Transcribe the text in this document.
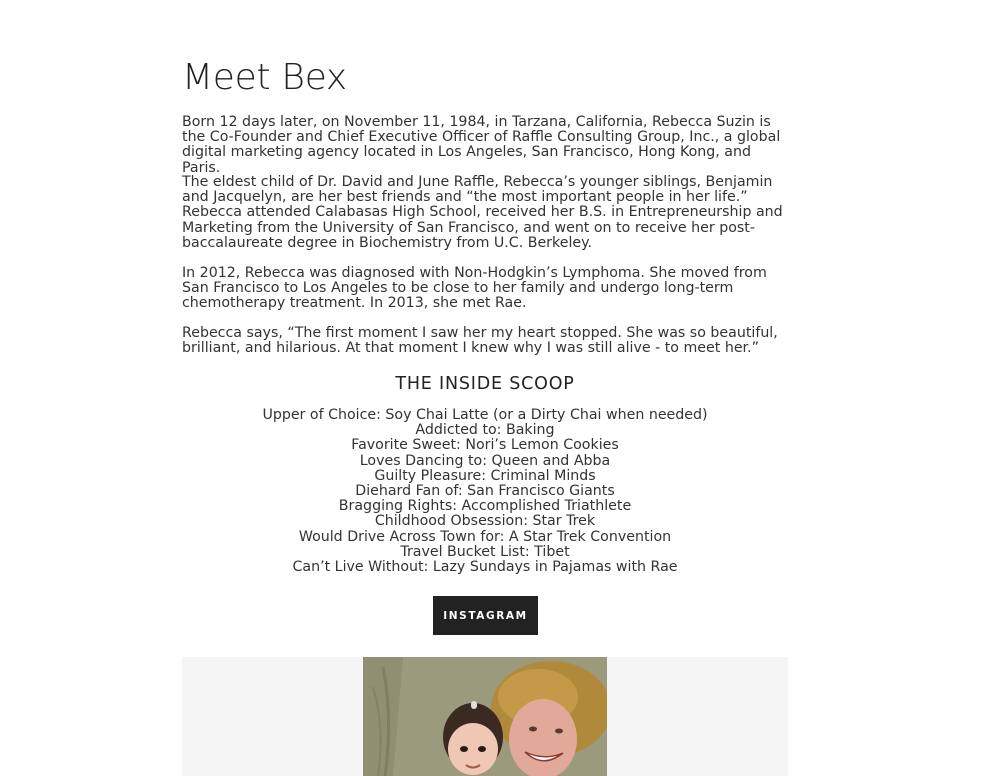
Meet Bex

Born 12 days later, on November 11, 1984, in Tarzana, California, Rebecca Suzin is the Co-Founder and Chief Executive Officer of Raffle Consulting Group, Inc., a global digital marketing agency located in Los Angeles, San Francisco, Hong Kong, and Paris.

The eldest child of Dr. David and June Raffle, Rebecca’s younger siblings, Benjamin and Jacquelyn, are her best friends and “the most important people in her life.” Rebecca attended Calabasas High School, received her B.S. in Entrepreneurship and Marketing from the University of San Francisco, and went on to receive her post-baccalaureate degree in Biochemistry from U.C. Berkeley.

In 2012, Rebecca was diagnosed with Non-Hodgkin’s Lymphoma. She moved from San Francisco to Los Angeles to be close to her family and undergo long-term chemotherapy treatment. In 2013, she met Rae.

Rebecca says, “The first moment I saw her my heart stopped. She was so beautiful, brilliant, and hilarious. At that moment I knew why I was still alive - to meet her.”

THE INSIDE SCOOP
Upper of Choice: Soy Chai Latte (or a Dirty Chai when needed)
Addicted to: Baking
Favorite Sweet: Nori’s Lemon Cookies
Loves Dancing to: Queen and Abba
Guilty Pleasure: Criminal Minds
Diehard Fan of: San Francisco Giants
Bragging Rights: Accomplished Triathlete
Childhood Obsession: Star Trek
Would Drive Across Town for: A Star Trek Convention
Travel Bucket List: Tibet
Can’t Live Without: Lazy Sundays in Pajamas with Rae
INSTAGRAM
